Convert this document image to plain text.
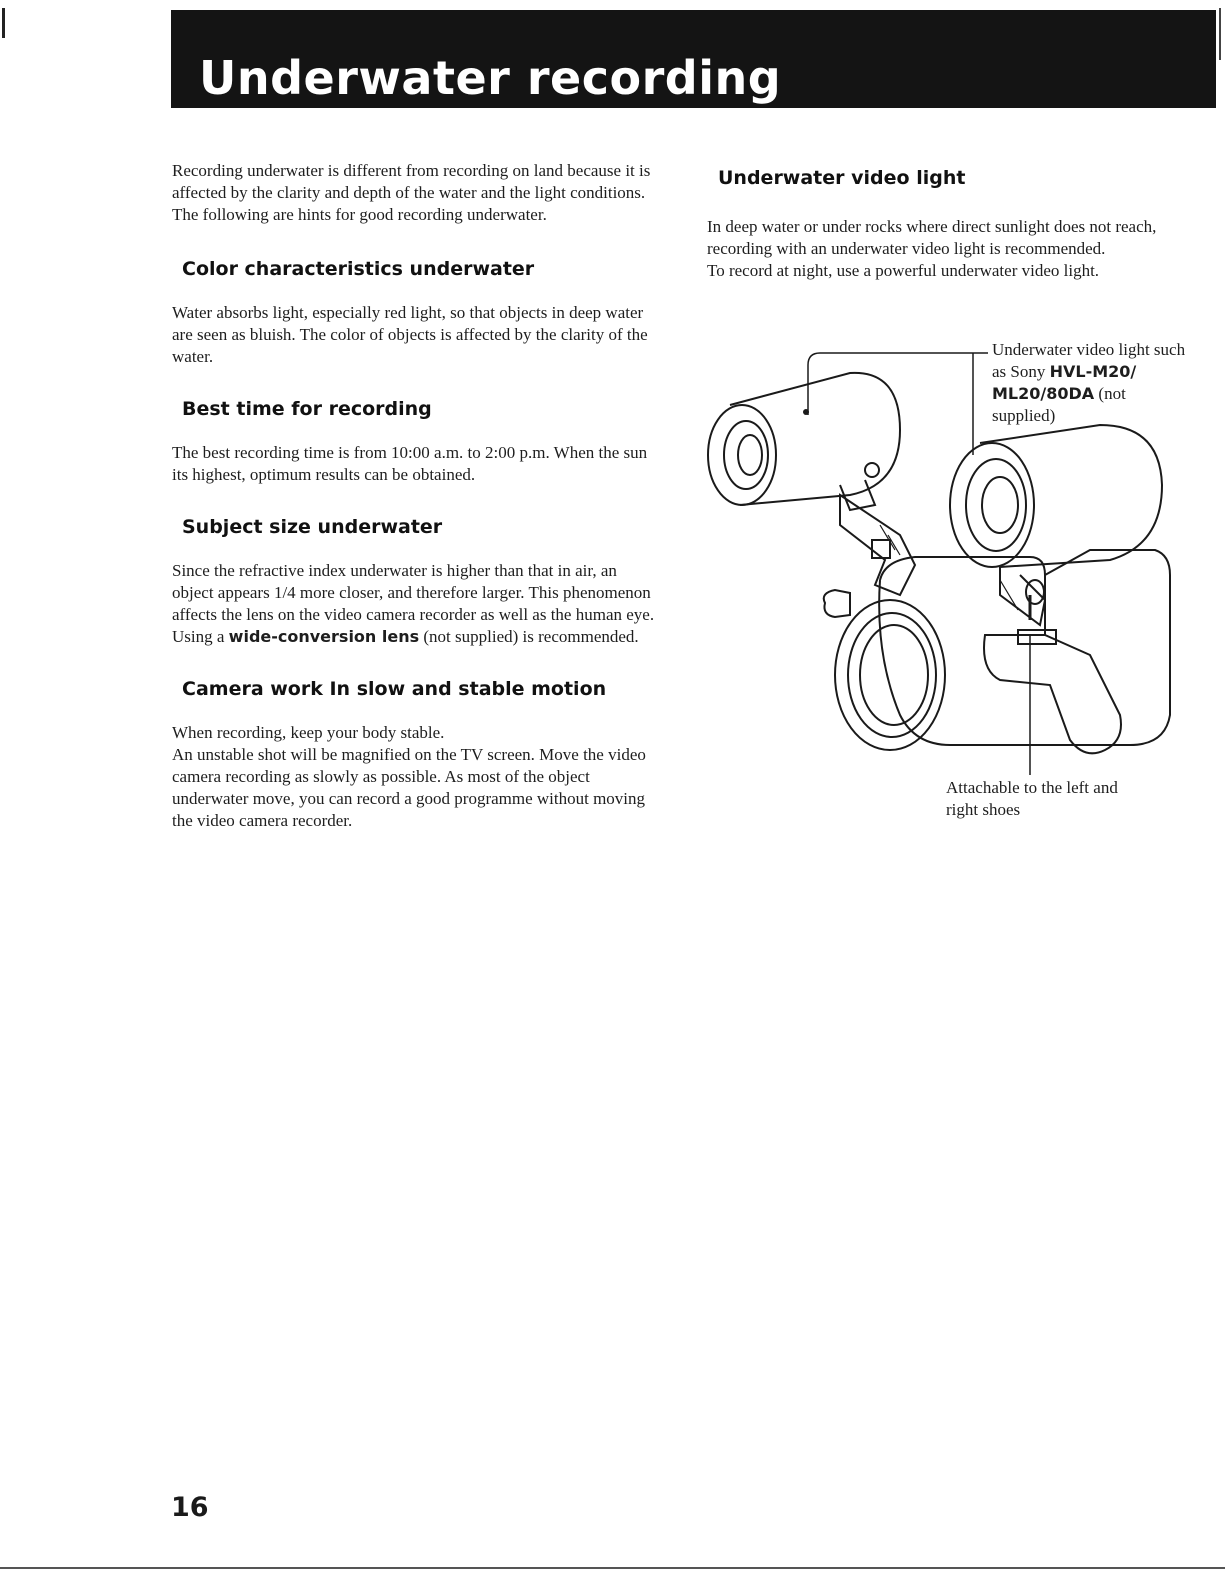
Underwater recording

Recording underwater is different from recording on land because it is affected by the clarity and depth of the water and the light conditions. The following are hints for good recording underwater.

Color characteristics underwater

Water absorbs light, especially red light, so that objects in deep water are seen as bluish. The color of objects is affected by the clarity of the water.

Best time for recording

The best recording time is from 10:00 a.m. to 2:00 p.m. When the sun its highest, optimum results can be obtained.

Subject size underwater

Since the refractive index underwater is higher than that in air, an object appears 1/4 more closer, and therefore larger. This phenomenon affects the lens on the video camera recorder as well as the human eye. Using a wide-conversion lens (not supplied) is recommended.

Camera work In slow and stable motion

When recording, keep your body stable.

An unstable shot will be magnified on the TV screen. Move the video camera recording as slowly as possible. As most of the object underwater move, you can record a good programme without moving the video camera recorder.

Underwater video light

In deep water or under rocks where direct sunlight does not reach, recording with an underwater video light is recommended.

To record at night, use a powerful underwater video light.

Underwater video light such as Sony HVL-M20/ ML20/80DA (not supplied)
Attachable to the left and right shoes
16
